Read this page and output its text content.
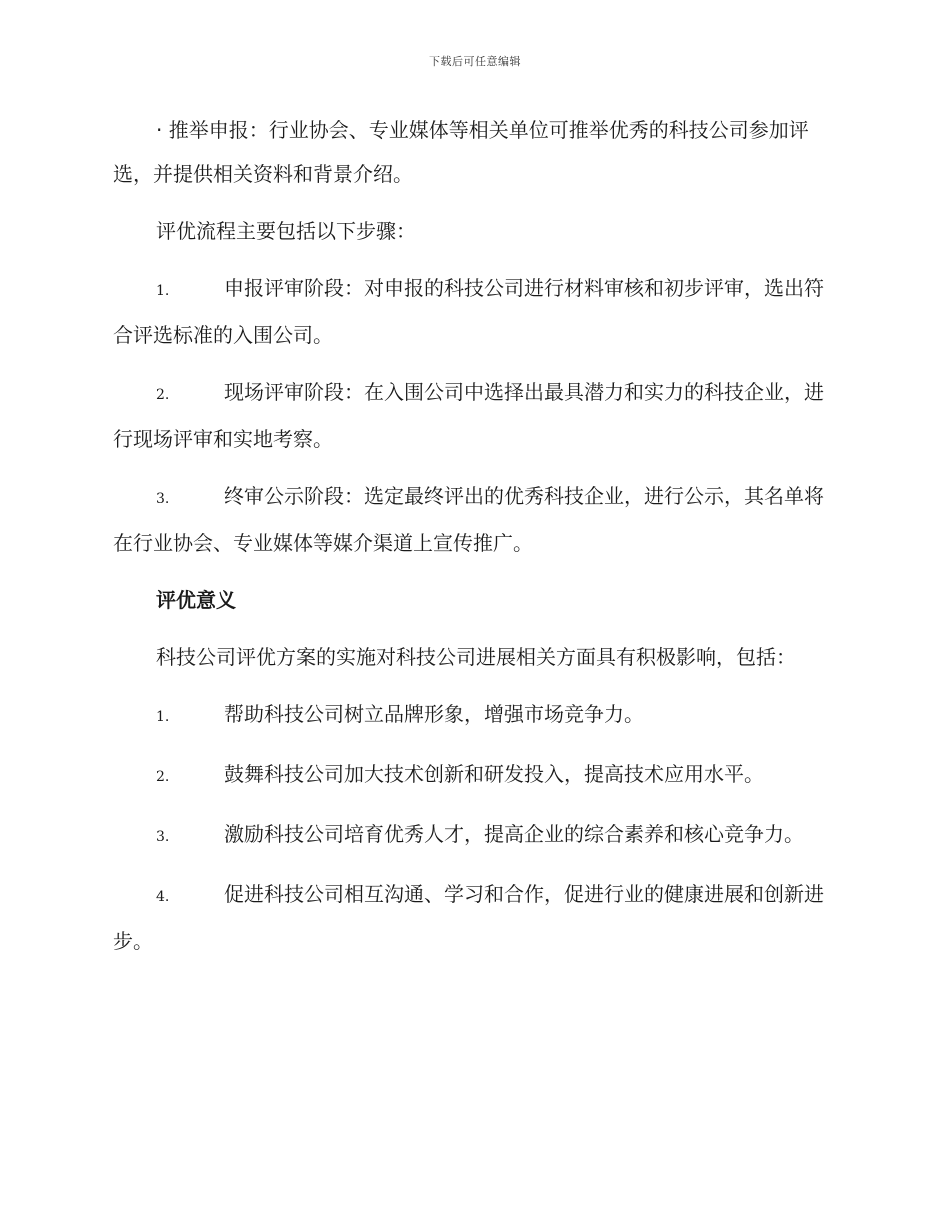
下载后可任意编辑

· 推举申报：行业协会、专业媒体等相关单位可推举优秀的科技公司参加评选，并提供相关资料和背景介绍。

评优流程主要包括以下步骤：

1.	申报评审阶段：对申报的科技公司进行材料审核和初步评审，选出符合评选标准的入围公司。

2.	现场评审阶段：在入围公司中选择出最具潜力和实力的科技企业，进行现场评审和实地考察。

3.	终审公示阶段：选定最终评出的优秀科技企业，进行公示，其名单将在行业协会、专业媒体等媒介渠道上宣传推广。

评优意义

科技公司评优方案的实施对科技公司进展相关方面具有积极影响，包括：

1.	帮助科技公司树立品牌形象，增强市场竞争力。

2.	鼓舞科技公司加大技术创新和研发投入，提高技术应用水平。

3.	激励科技公司培育优秀人才，提高企业的综合素养和核心竞争力。

4.	促进科技公司相互沟通、学习和合作，促进行业的健康进展和创新进步。
